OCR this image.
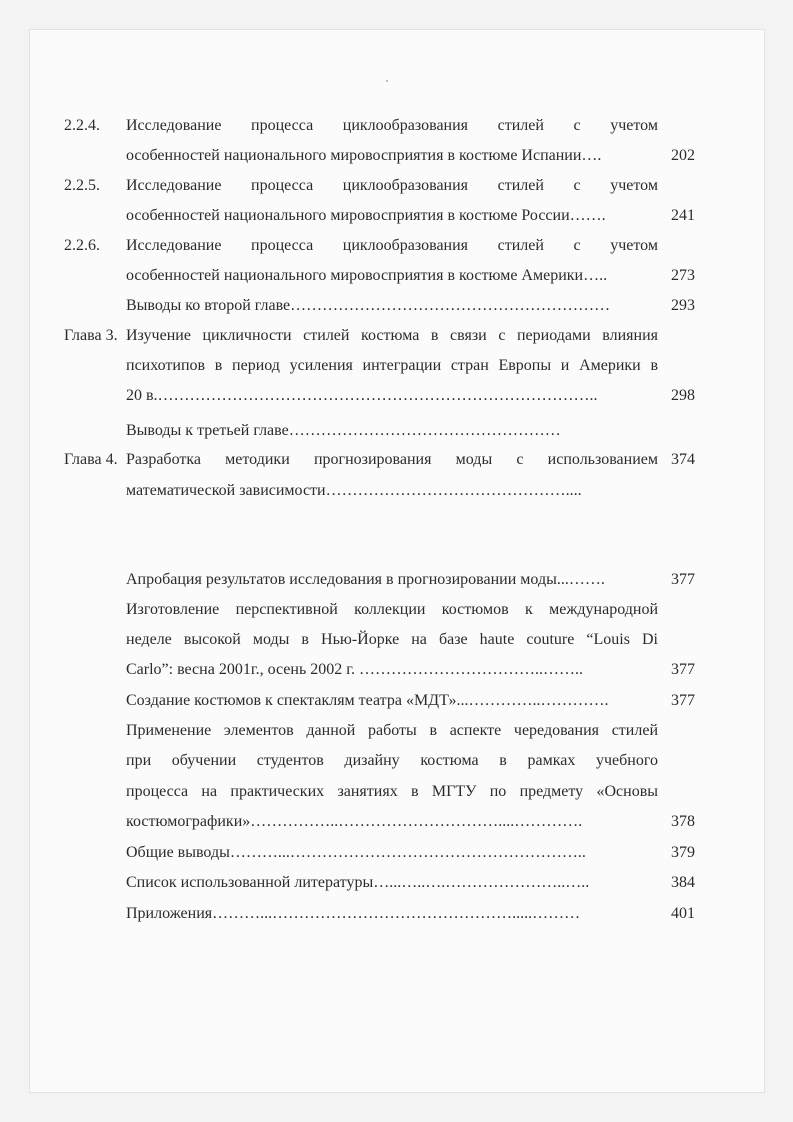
2.2.4. Исследование процесса циклообразования стилей с учетом
особенностей национального мировосприятия в костюме Испании….	202
2.2.5. Исследование процесса циклообразования стилей с учетом
особенностей национального мировосприятия в костюме России…….	241
2.2.6. Исследование процесса циклообразования стилей с учетом
особенностей национального мировосприятия в костюме Америки…..	273
Выводы ко второй главе……………………………………………………	293
Глава 3. Изучение цикличности стилей костюма в связи с периодами влияния
психотипов в период усиления интеграции стран Европы и Америки в
20 в.………………………………………………………………………..	298
Выводы к третьей главе……………………………………………
Глава 4. Разработка методики прогнозирования моды с использованием 374
математической зависимости………………………………………....
Апробация результатов исследования в прогнозировании моды...…….	377
Изготовление перспективной коллекции костюмов к международной
неделе высокой моды в Нью-Йорке на базе haute couture “Louis Di
Carlo”: весна 2001г., осень 2002 г. ……………………………..……..	377
Создание костюмов к спектаклям театра «МДТ»...…………..………….	377
Применение элементов данной работы в аспекте чередования стилей
при обучении студентов дизайну костюма в рамках учебного
процесса на практических занятиях в МГТУ по предмету «Основы
костюмографики»……………..…………………………....………….	378
Общие выводы………...………………………………………………..	379
Список использованной литературы…...…..….…………………..…..	384
Приложения………...……………………………………….....………	401
